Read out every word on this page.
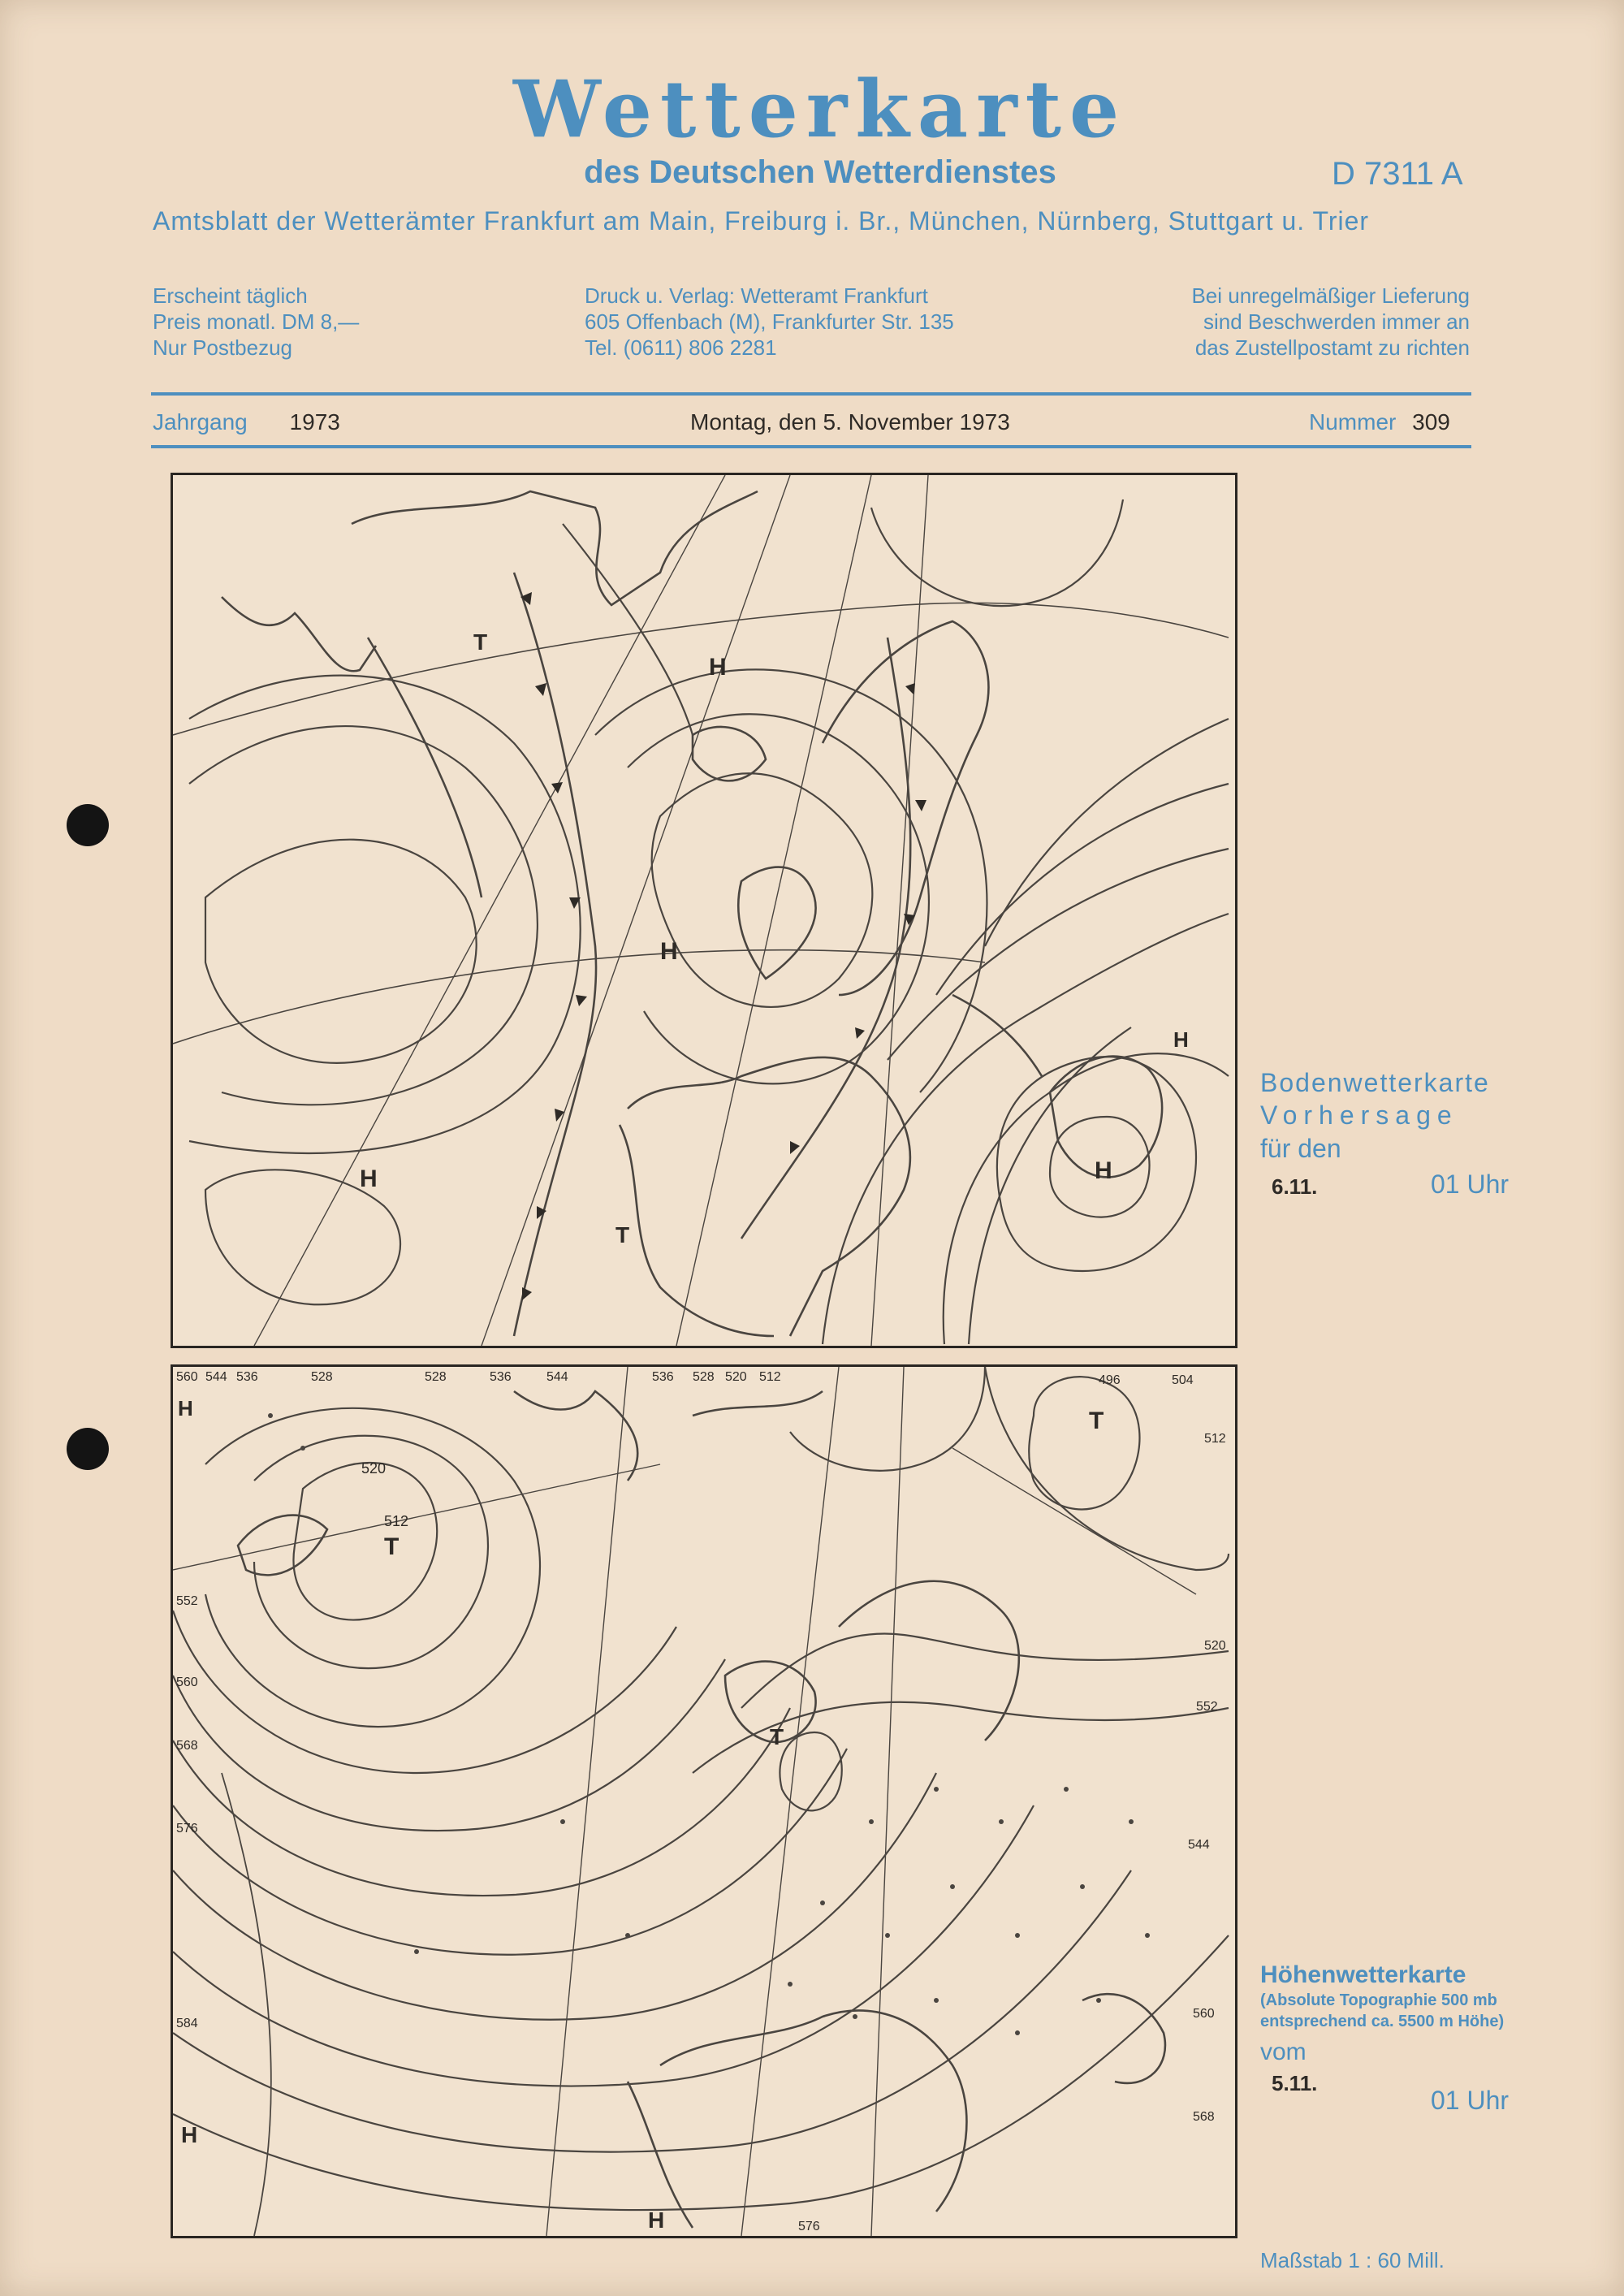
Wetterkarte
des Deutschen Wetterdienstes	D 7311 A
Amtsblatt der Wetterämter Frankfurt am Main, Freiburg i. Br., München, Nürnberg, Stuttgart u. Trier
Erscheint täglich
Preis monatl. DM 8,—
Nur Postbezug
Druck u. Verlag: Wetteramt Frankfurt
605 Offenbach (M), Frankfurter Str. 135
Tel. (0611) 806 2281
Bei unregelmäßiger Lieferung
sind Beschwerden immer an
das Zustellpostamt zu richten
Jahrgang 1973	Montag, den 5. November 1973	Nummer 309
H
H
H	H
H
T
T
Bodenwetterkarte
Vorhersage
für den
6.11.	01 Uhr
T
T
T
H
H
H
560 544 536	528	528	536	544
520
512
552
560
568
576
584
512
520
528
536
512
520
552
560
568
576
496	504
544
Höhenwetterkarte
(Absolute Topographie 500 mb
entsprechend ca. 5500 m Höhe)
vom
5.11.
01 Uhr
Maßstab 1 : 60 Mill.
